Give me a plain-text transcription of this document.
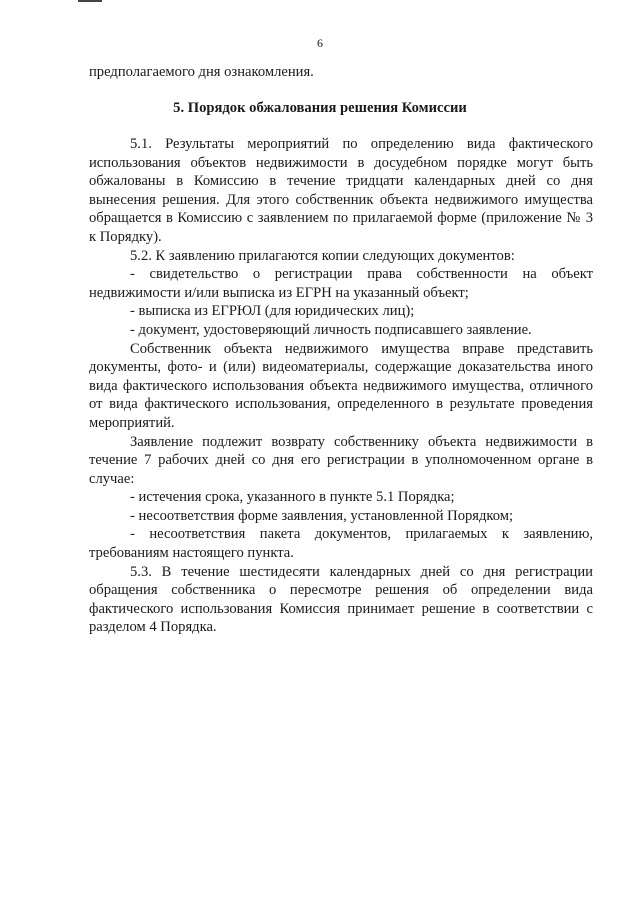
6

предполагаемого дня ознакомления.

5. Порядок обжалования решения Комиссии

5.1. Результаты мероприятий по определению вида фактического использования объектов недвижимости в досудебном порядке могут быть обжалованы в Комиссию в течение тридцати календарных дней со дня вынесения решения. Для этого собственник объекта недвижимого имущества обращается в Комиссию с заявлением по прилагаемой форме (приложение № 3 к Порядку).

5.2. К заявлению прилагаются копии следующих документов:

- свидетельство о регистрации права собственности на объект недвижимости и/или выписка из ЕГРН на указанный объект;

- выписка из ЕГРЮЛ (для юридических лиц);

- документ, удостоверяющий личность подписавшего заявление.

Собственник объекта недвижимого имущества вправе представить документы, фото- и (или) видеоматериалы, содержащие доказательства иного вида фактического использования объекта недвижимого имущества, отличного от вида фактического использования, определенного в результате проведения мероприятий.

Заявление подлежит возврату собственнику объекта недвижимости в течение 7 рабочих дней со дня его регистрации в уполномоченном органе в случае:

- истечения срока, указанного в пункте 5.1 Порядка;

- несоответствия форме заявления, установленной Порядком;

- несоответствия пакета документов, прилагаемых к заявлению, требованиям настоящего пункта.

5.3. В течение шестидесяти календарных дней со дня регистрации обращения собственника о пересмотре решения об определении вида фактического использования Комиссия принимает решение в соответствии с разделом 4 Порядка.
